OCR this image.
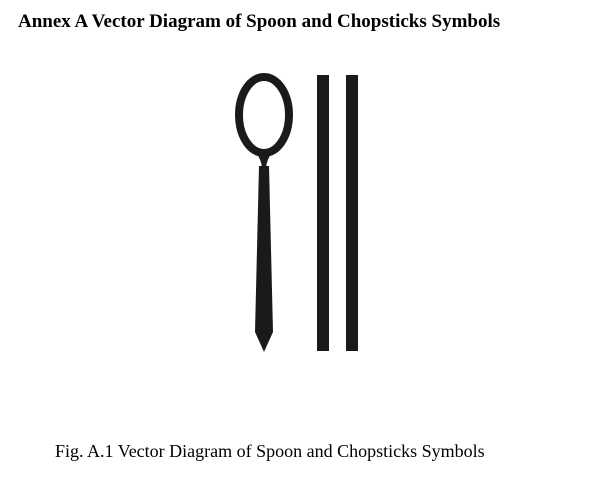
Annex A Vector Diagram of Spoon and Chopsticks Symbols

Fig. A.1 Vector Diagram of Spoon and Chopsticks Symbols
